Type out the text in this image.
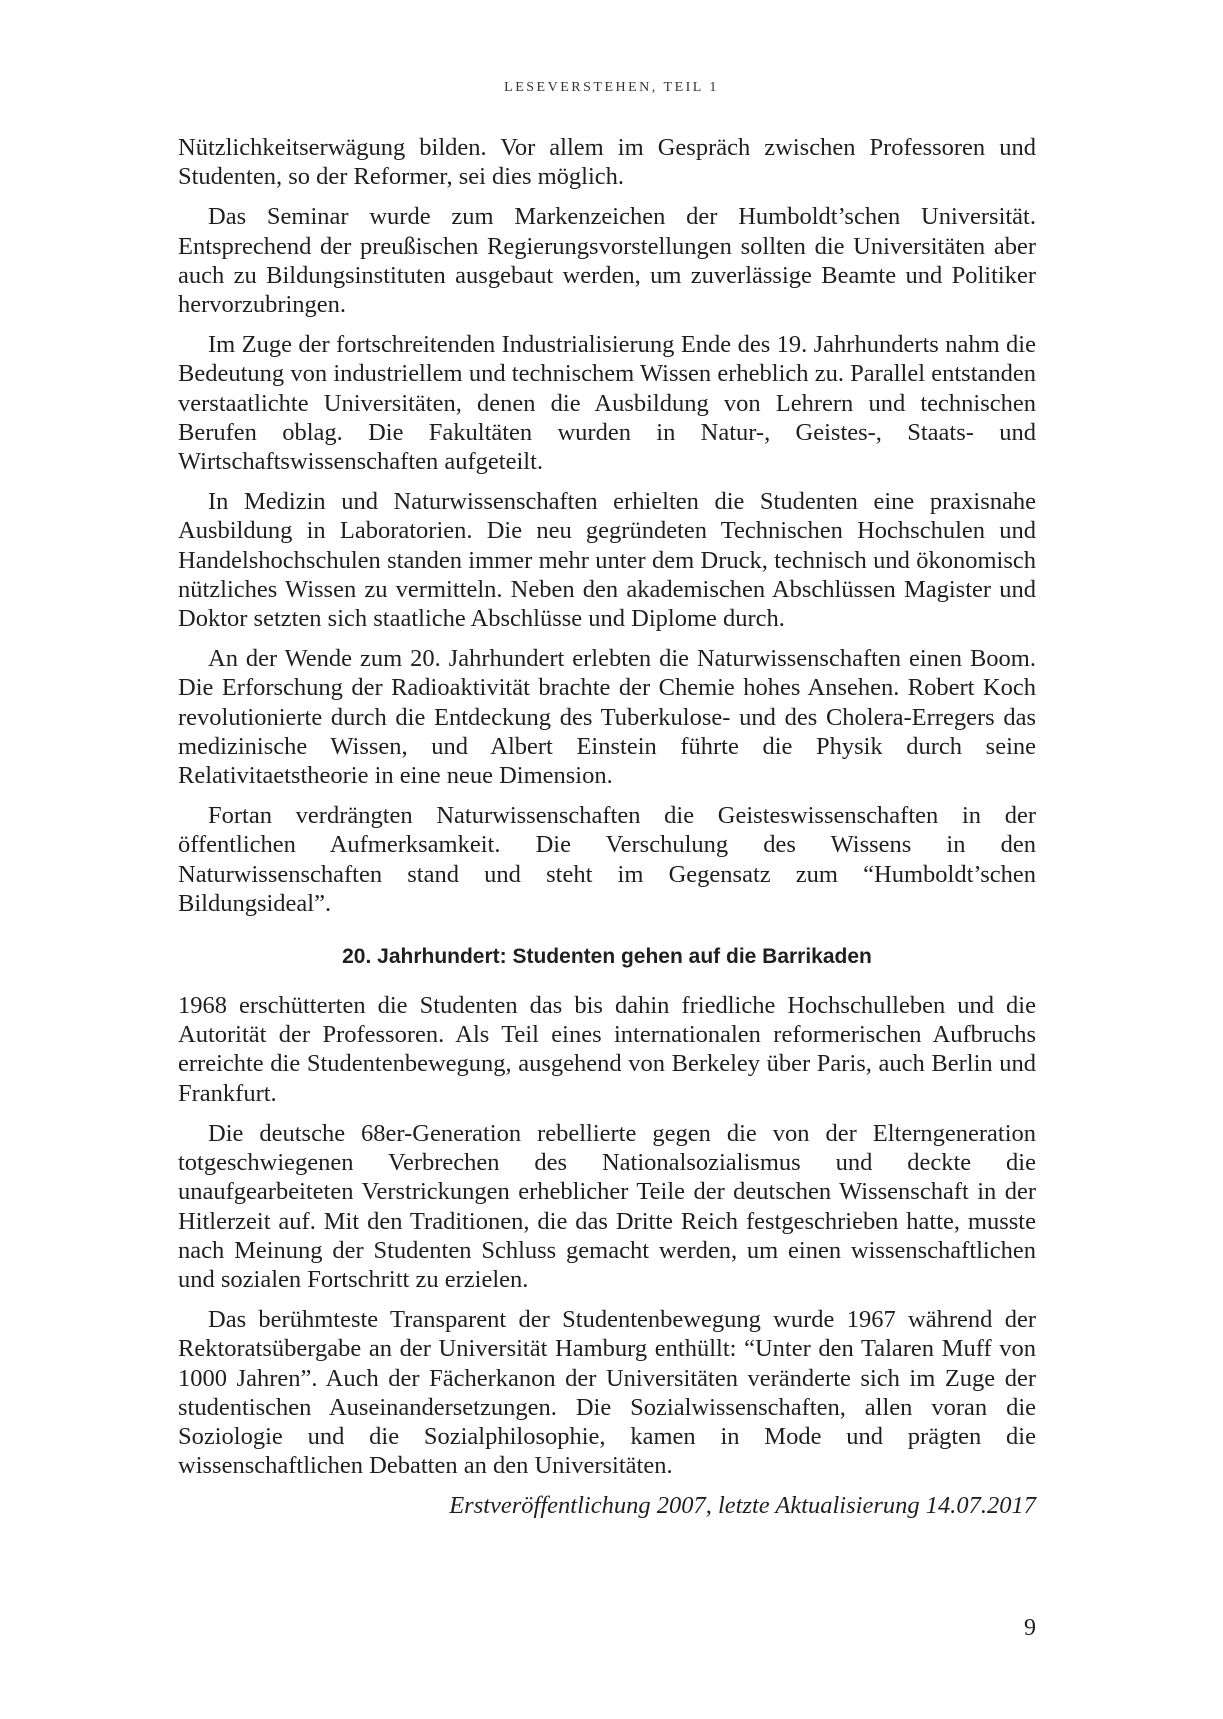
LESEVERSTEHEN, TEIL 1

Nützlichkeitserwägung bilden. Vor allem im Gespräch zwischen Professoren und Studenten, so der Reformer, sei dies möglich.

Das Seminar wurde zum Markenzeichen der Humboldt’schen Universität. Entsprechend der preußischen Regierungsvorstellungen sollten die Universitäten aber auch zu Bildungsinstituten ausgebaut werden, um zuverlässige Beamte und Politiker hervorzubringen.

Im Zuge der fortschreitenden Industrialisierung Ende des 19. Jahrhunderts nahm die Bedeutung von industriellem und technischem Wissen erheblich zu. Parallel entstanden verstaatlichte Universitäten, denen die Ausbildung von Lehrern und technischen Berufen oblag. Die Fakultäten wurden in Natur-, Geistes-, Staats- und Wirtschaftswissenschaften aufgeteilt.

In Medizin und Naturwissenschaften erhielten die Studenten eine praxisnahe Ausbildung in Laboratorien. Die neu gegründeten Technischen Hochschulen und Handelshochschulen standen immer mehr unter dem Druck, technisch und ökonomisch nützliches Wissen zu vermitteln. Neben den akademischen Abschlüssen Magister und Doktor setzten sich staatliche Abschlüsse und Diplome durch.

An der Wende zum 20. Jahrhundert erlebten die Naturwissenschaften einen Boom. Die Erforschung der Radioaktivität brachte der Chemie hohes Ansehen. Robert Koch revolutionierte durch die Entdeckung des Tuberkulose- und des Cholera-Erregers das medizinische Wissen, und Albert Einstein führte die Physik durch seine Relativitaetstheorie in eine neue Dimension.

Fortan verdrängten Naturwissenschaften die Geisteswissenschaften in der öffentlichen Aufmerksamkeit. Die Verschulung des Wissens in den Naturwissenschaften stand und steht im Gegensatz zum “Humboldt’schen Bildungsideal”.

20. Jahrhundert: Studenten gehen auf die Barrikaden

1968 erschütterten die Studenten das bis dahin friedliche Hochschulleben und die Autorität der Professoren. Als Teil eines internationalen reformerischen Aufbruchs erreichte die Studentenbewegung, ausgehend von Berkeley über Paris, auch Berlin und Frankfurt.

Die deutsche 68er-Generation rebellierte gegen die von der Elterngeneration totgeschwiegenen Verbrechen des Nationalsozialismus und deckte die unaufgearbeiteten Verstrickungen erheblicher Teile der deutschen Wissenschaft in der Hitlerzeit auf. Mit den Traditionen, die das Dritte Reich festgeschrieben hatte, musste nach Meinung der Studenten Schluss gemacht werden, um einen wissenschaftlichen und sozialen Fortschritt zu erzielen.

Das berühmteste Transparent der Studentenbewegung wurde 1967 während der Rektoratsübergabe an der Universität Hamburg enthüllt: “Unter den Talaren Muff von 1000 Jahren”. Auch der Fächerkanon der Universitäten veränderte sich im Zuge der studentischen Auseinandersetzungen. Die Sozialwissenschaften, allen voran die Soziologie und die Sozialphilosophie, kamen in Mode und prägten die wissenschaftlichen Debatten an den Universitäten.

Erstveröffentlichung 2007, letzte Aktualisierung 14.07.2017

9
